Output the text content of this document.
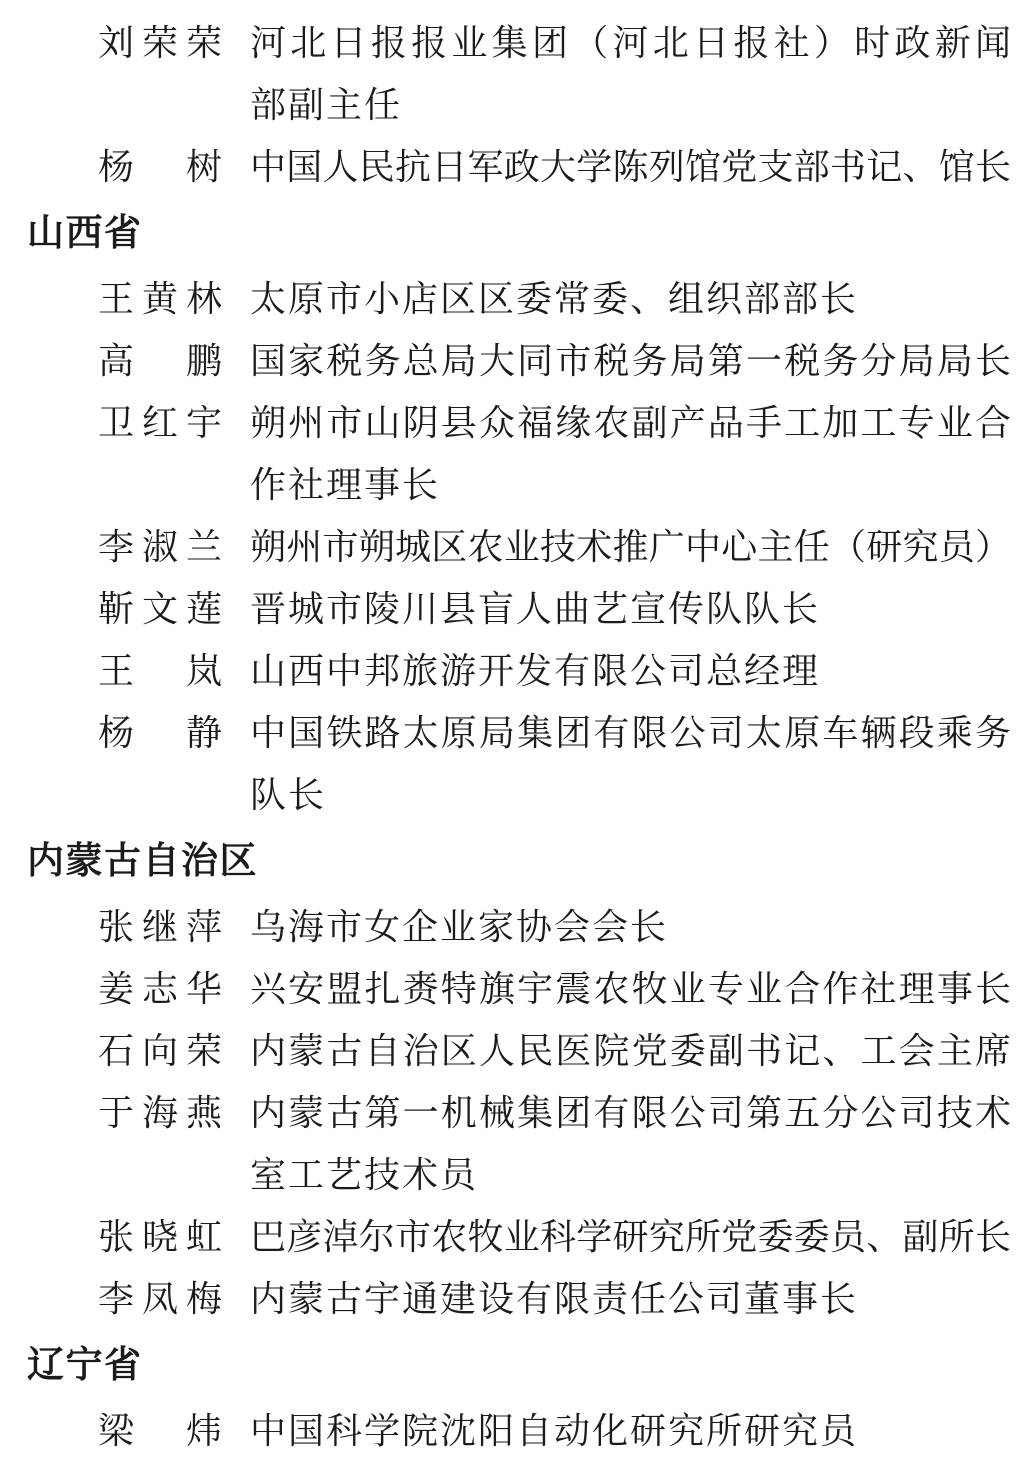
刘荣荣 河北日报报业集团（河北日报社）时政新闻
部副主任
杨树 中国人民抗日军政大学陈列馆党支部书记、馆长
山西省
王黄林 太原市小店区区委常委、组织部部长
高鹏 国家税务总局大同市税务局第一税务分局局长
卫红宇 朔州市山阴县众福缘农副产品手工加工专业合
作社理事长
李淑兰 朔州市朔城区农业技术推广中心主任（研究员）
靳文莲 晋城市陵川县盲人曲艺宣传队队长
王岚 山西中邦旅游开发有限公司总经理
杨静 中国铁路太原局集团有限公司太原车辆段乘务
队长
内蒙古自治区
张继萍 乌海市女企业家协会会长
姜志华 兴安盟扎赉特旗宇震农牧业专业合作社理事长
石向荣 内蒙古自治区人民医院党委副书记、工会主席
于海燕 内蒙古第一机械集团有限公司第五分公司技术
室工艺技术员
张晓虹 巴彦淖尔市农牧业科学研究所党委委员、副所长
李凤梅 内蒙古宇通建设有限责任公司董事长
辽宁省
梁炜 中国科学院沈阳自动化研究所研究员
